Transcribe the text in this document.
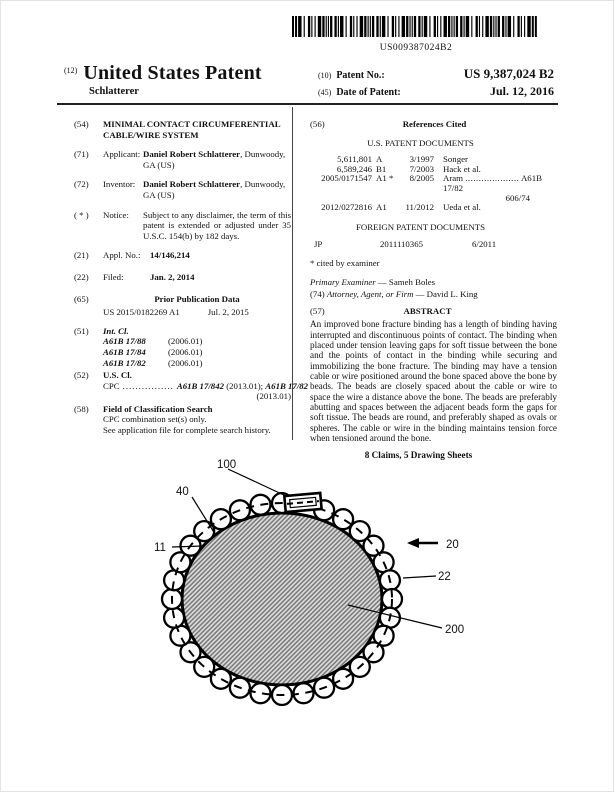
US009387024B2
$^{(12)}$ United States Patent
Schlatterer
(10) Patent No.:	US 9,387,024 B2
(45) Date of Patent:	Jul. 12, 2016
(54)	MINIMAL CONTACT CIRCUMFERENTIAL
CABLE/WIRE SYSTEM
(71)	Applicant: Daniel Robert Schlatterer, Dunwoody,
GA (US)
(72)	Inventor: Daniel Robert Schlatterer, Dunwoody,
GA (US)
( * )	Notice:	Subject to any disclaimer, the term of this patent is extended or adjusted under 35 U.S.C. 154(b) by 182 days.
(21)	Appl. No.:	14/146,214
(22)	Filed:	Jan. 2, 2014
(65)	Prior Publication Data
US 2015/0182269 A1	Jul. 2, 2015
(51)	Int. Cl.
A61B 17/88	(2006.01)
A61B 17/84	(2006.01)
A61B 17/82	(2006.01)
(52)	U.S. Cl.
CPC ................ A61B 17/842 (2013.01); A61B 17/82
(2013.01)
(58)	Field of Classification Search
CPC combination set(s) only.
See application file for complete search history.
(56)	References Cited
U.S. PATENT DOCUMENTS
5,611,801 A	3/1997 Songer
6,589,246 B1	7/2003 Hack et al.
2005/0171547 A1 *	8/2005 Aram .................... A61B 17/82
606/74
2012/0272816 A1	11/2012 Ueda et al.
FOREIGN PATENT DOCUMENTS
JP	2011110365	6/2011
* cited by examiner
Primary Examiner — Sameh Boles
(74) Attorney, Agent, or Firm — David L. King
(57)	ABSTRACT
An improved bone fracture binding has a length of binding having interrupted and discontinuous points of contact. The binding when placed under tension leaving gaps for soft tissue between the bone and the points of contact in the binding while securing and immobilizing the bone fracture. The binding may have a tension cable or wire positioned around the bone spaced above the bone by beads. The beads are closely spaced about the cable or wire to space the wire a distance above the bone. The beads are preferably abutting and spaces between the adjacent beads form the gaps for soft tissue. The beads are round, and preferably shaped as ovals or spheres. The cable or wire in the binding maintains tension force when tensioned around the bone.
8 Claims, 5 Drawing Sheets
100
40
11	20
22
200
